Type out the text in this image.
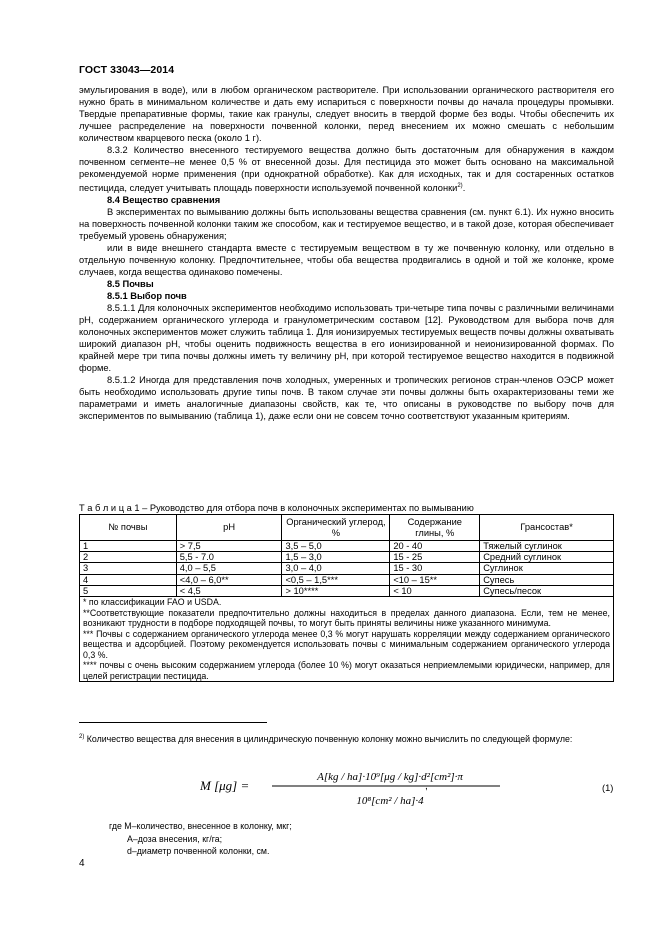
ГОСТ 33043—2014

эмульгирования в воде), или в любом органическом растворителе. При использовании органического растворителя его нужно брать в минимальном количестве и дать ему испариться с поверхности почвы до начала процедуры промывки. Твердые препаративные формы, такие как гранулы, следует вносить в твердой форме без воды. Чтобы обеспечить их лучшее распределение на поверхности почвенной колонки, перед внесением их можно смешать с небольшим количеством кварцевого песка (около 1 г).

8.3.2 Количество внесенного тестируемого вещества должно быть достаточным для обнаружения в каждом почвенном сегменте–не менее 0,5 % от внесенной дозы. Для пестицида это может быть основано на максимальной рекомендуемой норме применения (при однократной обработке). Как для исходных, так и для состаренных остатков пестицида, следует учитывать площадь поверхности используемой почвенной колонки$^{2)}$.

8.4 Вещество сравнения

В экспериментах по вымыванию должны быть использованы вещества сравнения (см. пункт 6.1). Их нужно вносить на поверхность почвенной колонки таким же способом, как и тестируемое вещество, и в такой дозе, которая обеспечивает требуемый уровень обнаружения;

или в виде внешнего стандарта вместе с тестируемым веществом в ту же почвенную колонку, или отдельно в отдельную почвенную колонку. Предпочтительнее, чтобы оба вещества продвигались в одной и той же колонке, кроме случаев, когда вещества одинаково помечены.

8.5 Почвы

8.5.1 Выбор почв

8.5.1.1 Для колоночных экспериментов необходимо использовать три-четыре типа почвы с различными величинами pH, содержанием органического углерода и гранулометрическим составом [12]. Руководством для выбора почв для колоночных экспериментов может служить таблица 1. Для ионизируемых тестируемых веществ почвы должны охватывать широкий диапазон pH, чтобы оценить подвижность вещества в его ионизированной и неионизированной формах. По крайней мере три типа почвы должны иметь ту величину pH, при которой тестируемое вещество находится в подвижной форме.

8.5.1.2 Иногда для представления почв холодных, умеренных и тропических регионов стран-членов ОЭСР может быть необходимо использовать другие типы почв. В таком случае эти почвы должны быть охарактеризованы теми же параметрами и иметь аналогичные диапазоны свойств, как те, что описаны в руководстве по выбору почв для экспериментов по вымыванию (таблица 1), даже если они не совсем точно соответствуют указанным критериям.

Т а б л и ц а 1 – Руководство для отбора почв в колоночных экспериментах по вымыванию
№ почвы	pH	Органический углерод, %	Содержание глины, %	Грансостав*
1	> 7,5	3,5 – 5,0	20 - 40	Тяжелый суглинок
2	5,5 - 7.0	1,5 – 3,0	15 - 25	Средний суглинок
3	4,0 – 5,5	3,0 – 4,0	15 - 30	Суглинок
4	<4,0 – 6,0**	<0,5 – 1,5***	<10 – 15**	Супесь
5	< 4,5	> 10****	< 10	Супесь/песок

* по классификации FAO и USDA.
**Соответствующие показатели предпочтительно должны находиться в пределах данного диапазона. Если, тем не менее, возникают трудности в подборе подходящей почвы, то могут быть приняты величины ниже указанного минимума.
*** Почвы с содержанием органического углерода менее 0,3 % могут нарушать корреляции между содержанием органического вещества и адсорбцией. Поэтому рекомендуется использовать почвы с минимальным содержанием органического углерода 0,3 %.
**** почвы с очень высоким содержанием углерода (более 10 %) могут оказаться неприемлемыми юридически, например, для целей регистрации пестицида.				
$^{2)}$ Количество вещества для внесения в цилиндрическую почвенную колонку можно вычислить по следующей формуле:
M [μg] =
A[kg / ha]·10⁹[μg / kg]·d²[cm²]·π
10⁸[cm² / ha]·4
,	(1)

где М–количество, внесенное в колонку, мкг;

А–доза внесения, кг/га;

d–диаметр почвенной колонки, см.

4
